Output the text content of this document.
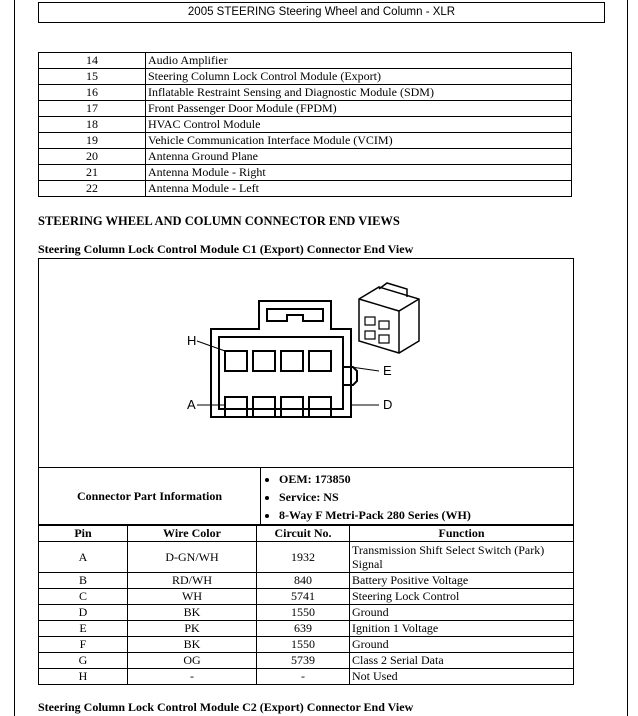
2005 STEERING Steering Wheel and Column - XLR
14	Audio Amplifier
15	Steering Column Lock Control Module (Export)
16	Inflatable Restraint Sensing and Diagnostic Module (SDM)
17	Front Passenger Door Module (FPDM)
18	HVAC Control Module
19	Vehicle Communication Interface Module (VCIM)
20	Antenna Ground Plane
21	Antenna Module - Right
22	Antenna Module - Left
STEERING WHEEL AND COLUMN CONNECTOR END VIEWS
Steering Column Lock Control Module C1 (Export) Connector End View
H
A
E
D
Connector Part Information	
• OEM: 173850
• Service: NS
• 8-Way F Metri-Pack 280 Series (WH)
Pin	Wire Color	Circuit No.	Function
A	D-GN/WH	1932	Transmission Shift Select Switch (Park) Signal
B	RD/WH	840	Battery Positive Voltage
C	WH	5741	Steering Lock Control
D	BK	1550	Ground
E	PK	639	Ignition 1 Voltage
F	BK	1550	Ground
G	OG	5739	Class 2 Serial Data
H	-	-	Not Used
Steering Column Lock Control Module C2 (Export) Connector End View
